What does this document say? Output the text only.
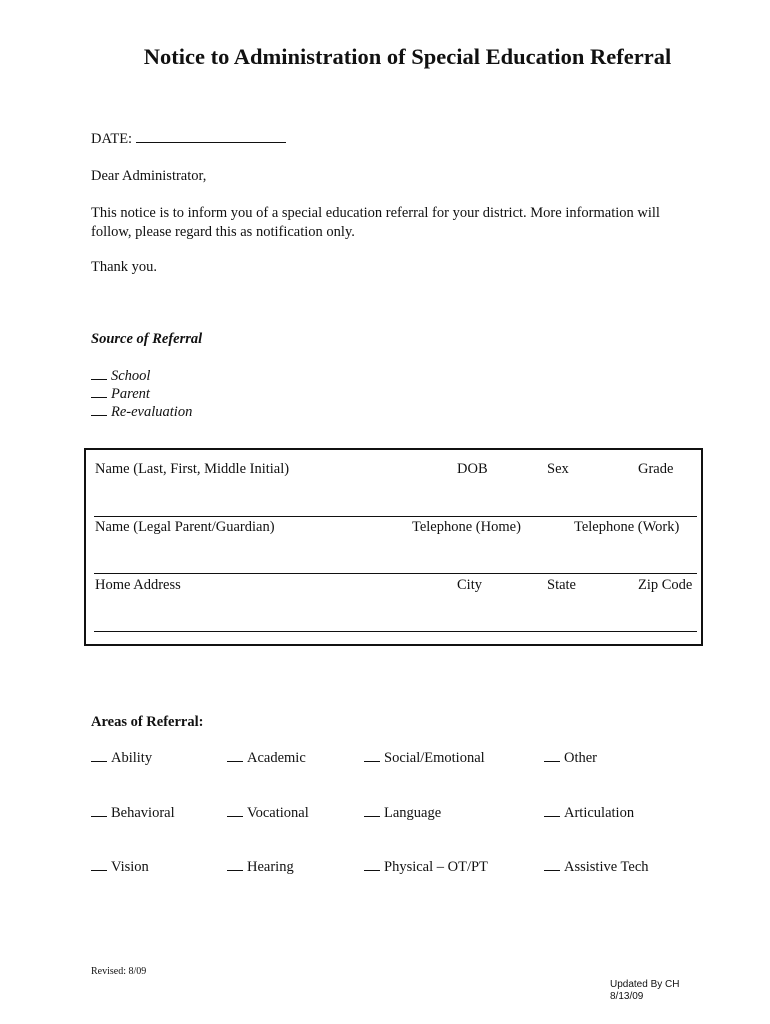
Notice to Administration of Special Education Referral
DATE:
Dear Administrator,
This notice is to inform you of a special education referral for your district. More information will
follow, please regard this as notification only.
Thank you.
Source of Referral
School
Parent
Re-evaluation
Name (Last, First, Middle Initial)	DOB	Sex	Grade
Name (Legal Parent/Guardian)	Telephone (Home)	Telephone (Work)
Home Address	City	State	Zip Code
Areas of Referral:
Ability	Academic	Social/Emotional	Other
Behavioral	Vocational	Language	Articulation
Vision	Hearing	Physical – OT/PT	Assistive Tech
Revised: 8/09
Updated By CH
8/13/09
